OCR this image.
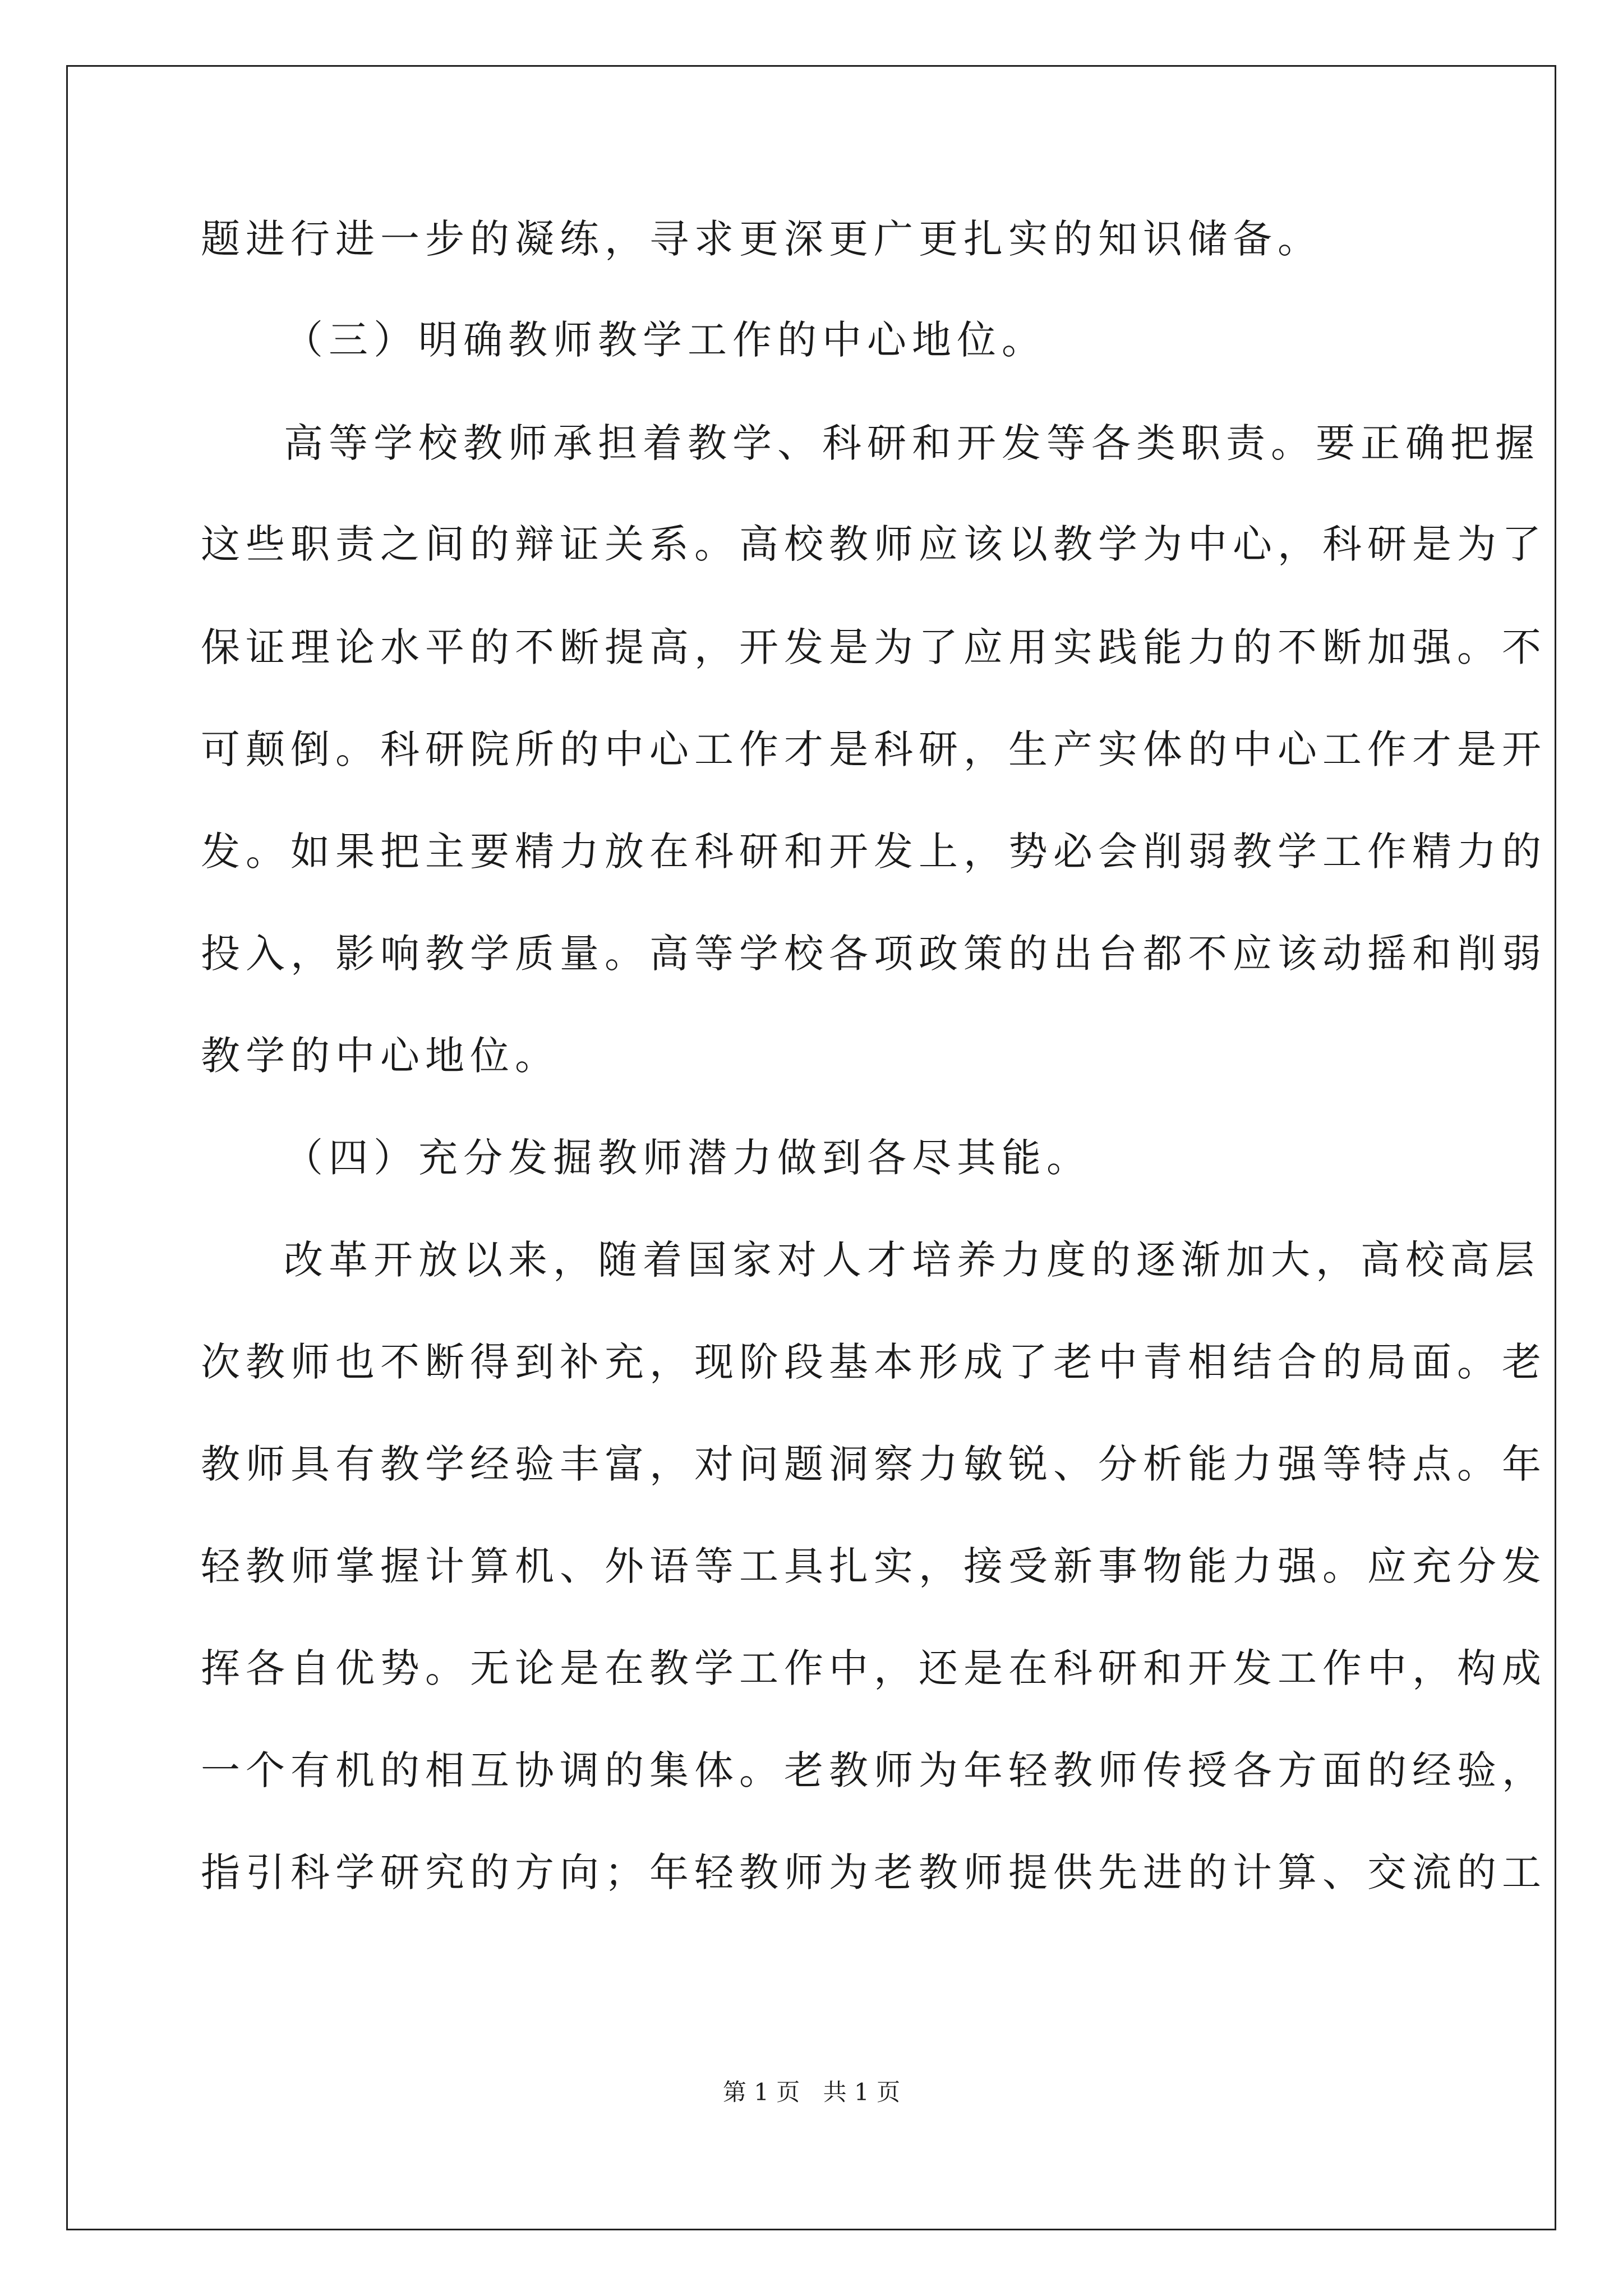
题进行进一步的凝练，寻求更深更广更扎实的知识储备。
（三）明确教师教学工作的中心地位。
高等学校教师承担着教学、科研和开发等各类职责。要正确把握
这些职责之间的辩证关系。高校教师应该以教学为中心，科研是为了
保证理论水平的不断提高，开发是为了应用实践能力的不断加强。不
可颠倒。科研院所的中心工作才是科研，生产实体的中心工作才是开
发。如果把主要精力放在科研和开发上，势必会削弱教学工作精力的
投入，影响教学质量。高等学校各项政策的出台都不应该动摇和削弱
教学的中心地位。
（四）充分发掘教师潜力做到各尽其能。
改革开放以来，随着国家对人才培养力度的逐渐加大，高校高层
次教师也不断得到补充，现阶段基本形成了老中青相结合的局面。老
教师具有教学经验丰富，对问题洞察力敏锐、分析能力强等特点。年
轻教师掌握计算机、外语等工具扎实，接受新事物能力强。应充分发
挥各自优势。无论是在教学工作中，还是在科研和开发工作中，构成
一个有机的相互协调的集体。老教师为年轻教师传授各方面的经验，
指引科学研究的方向；年轻教师为老教师提供先进的计算、交流的工
第 1 页 共 1 页
